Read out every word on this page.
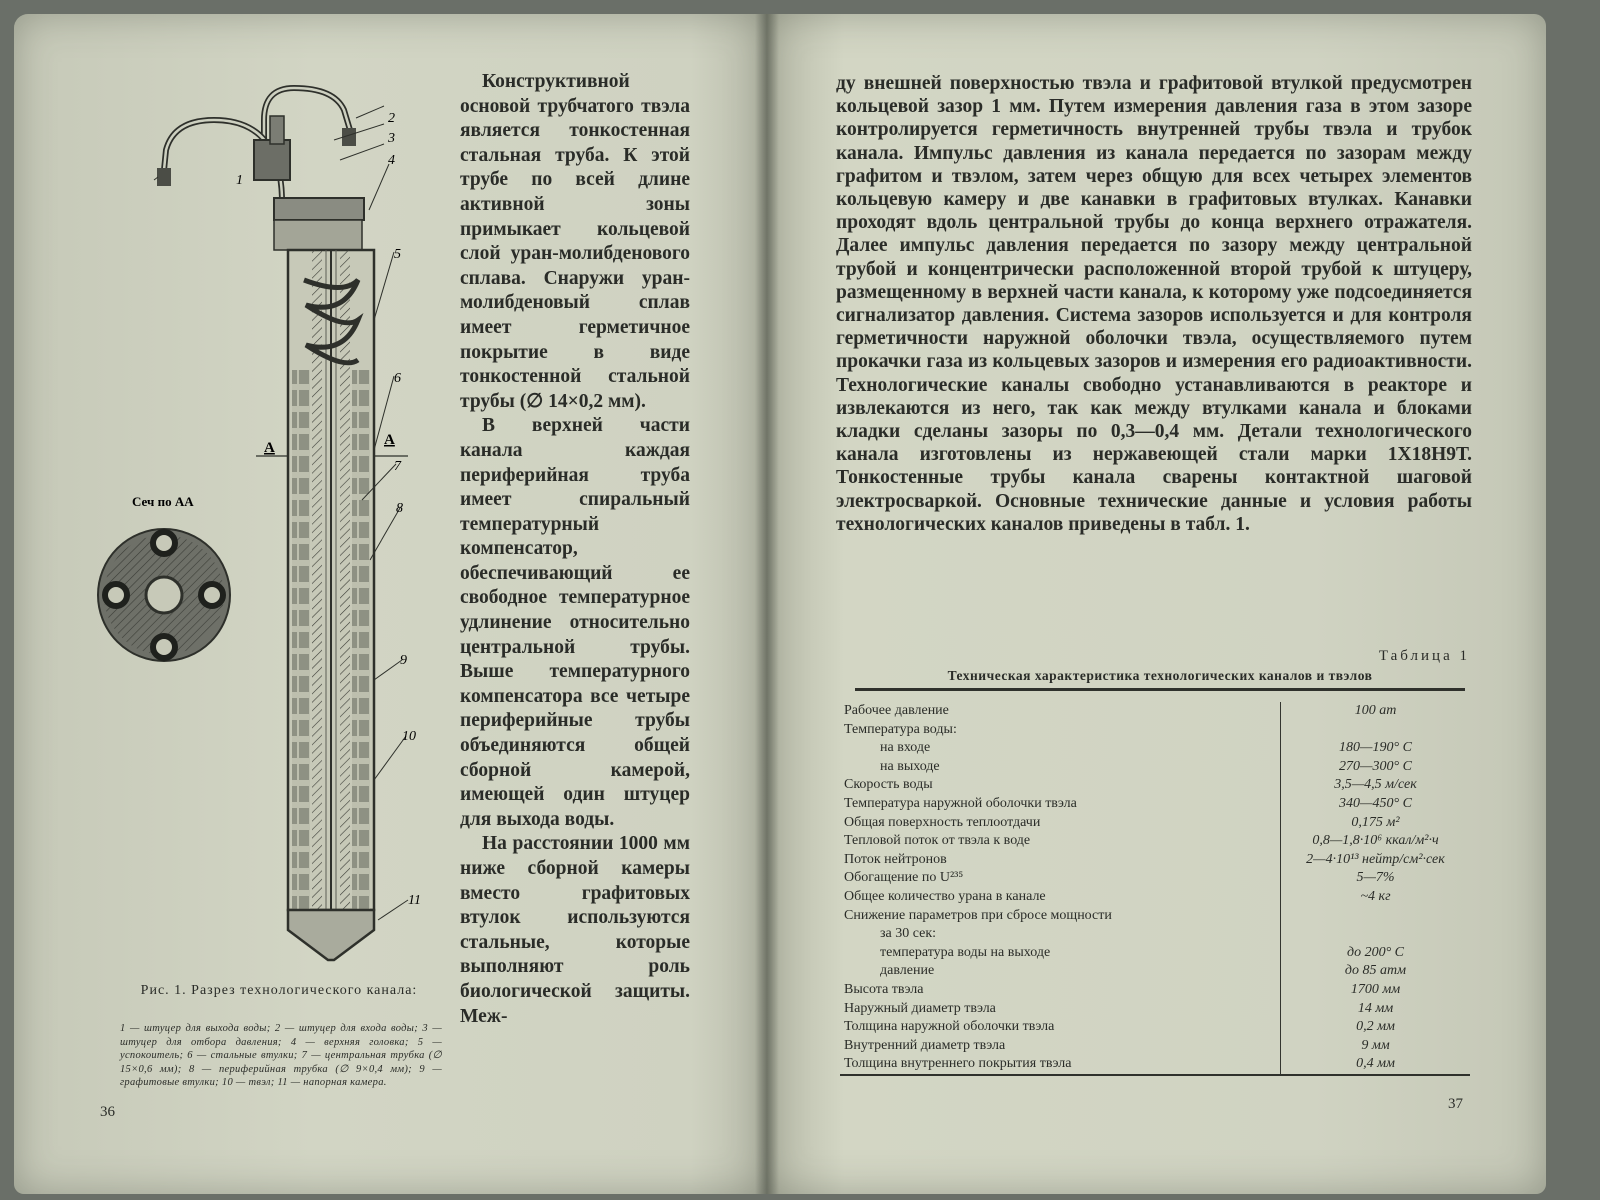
1
2
3
4
5
6
7
8
9
10
11
A	A
Сеч по АА
Рис. 1. Разрез технологического канала:
1 — штуцер для выхода воды; 2 — штуцер для входа воды; 3 — штуцер для отбора давления; 4 — верхняя головка; 5 — успокоитель; 6 — стальные втулки; 7 — центральная трубка (∅ 15×0,6 мм); 8 — периферийная трубка (∅ 9×0,4 мм); 9 — графитовые втулки; 10 — твэл; 11 — напорная камера.

Конструктивной основой трубчатого твэла является тонкостенная стальная труба. К этой трубе по всей длине активной зоны примыкает кольцевой слой уран-молибденового сплава. Снаружи уран-молибденовый сплав имеет герметичное покрытие в виде тонкостенной стальной трубы (∅ 14×0,2 мм).

В верхней части канала каждая периферийная труба имеет спиральный температурный компенсатор, обеспечивающий ее свободное температурное удлинение относительно центральной трубы. Выше температурного компенсатора все четыре периферийные трубы объединяются общей сборной камерой, имеющей один штуцер для выхода воды.

На расстоянии 1000 мм ниже сборной камеры вместо графитовых втулок используются стальные, которые выполняют роль биологической защиты. Меж-

36

ду внешней поверхностью твэла и графитовой втулкой предусмотрен кольцевой зазор 1 мм. Путем измерения давления газа в этом зазоре контролируется герметичность внутренней трубы твэла и трубок канала. Импульс давления из канала передается по зазорам между графитом и твэлом, затем через общую для всех четырех элементов кольцевую камеру и две канавки в графитовых втулках. Канавки проходят вдоль центральной трубы до конца верхнего отражателя. Далее импульс давления передается по зазору между центральной трубой и концентрически расположенной второй трубой к штуцеру, размещенному в верхней части канала, к которому уже подсоединяется сигнализатор давления. Система зазоров используется и для контроля герметичности наружной оболочки твэла, осуществляемого путем прокачки газа из кольцевых зазоров и измерения его радиоактивности. Технологические каналы свободно устанавливаются в реакторе и извлекаются из него, так как между втулками канала и блоками кладки сделаны зазоры по 0,3—0,4 мм. Детали технологического канала изготовлены из нержавеющей стали марки 1Х18Н9Т. Тонкостенные трубы канала сварены контактной шаговой электросваркой. Основные технические данные и условия работы технологических каналов приведены в табл. 1.

Таблица 1
Техническая характеристика технологических каналов и твэлов
Рабочее давление	100 ат
Температура воды:	
на входе	180—190° С
на выходе	270—300° С
Скорость воды	3,5—4,5 м/сек
Температура наружной оболочки твэла	340—450° С
Общая поверхность теплоотдачи	0,175 м²
Тепловой поток от твэла к воде	0,8—1,8·10⁶ ккал/м²·ч
Поток нейтронов	2—4·10¹³ нейтр/см²·сек
Обогащение по U²³⁵	5—7%
Общее количество урана в канале	~4 кг
Снижение параметров при сбросе мощности	
за 30 сек:	
температура воды на выходе	до 200° С
давление	до 85 атм
Высота твэла	1700 мм
Наружный диаметр твэла	14 мм
Толщина наружной оболочки твэла	0,2 мм
Внутренний диаметр твэла	9 мм
Толщина внутреннего покрытия твэла	0,4 мм
37
